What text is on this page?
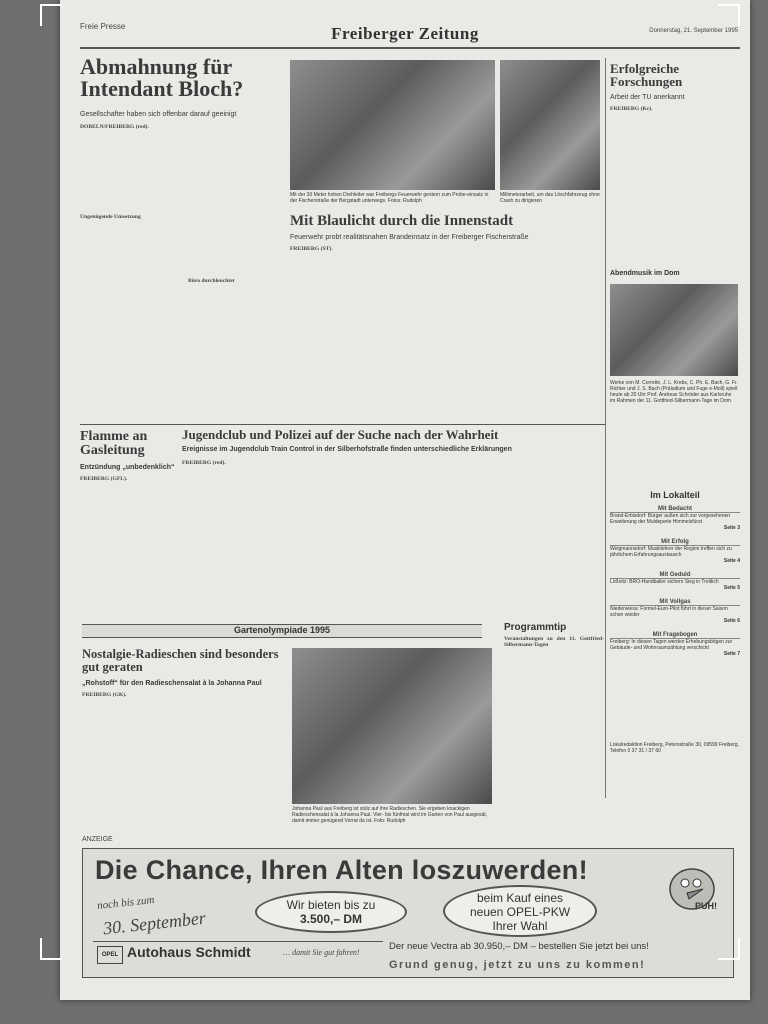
Freie Presse	Freiberger Zeitung	Donnerstag, 21. September 1995
Abmahnung für Intendant Bloch?
Gesellschafter haben sich offenbar darauf geeinigt
DÖBELN/FREIBERG (red).

Ungenügende Umsetzung

Büro durchleuchtet
Mit der 30 Meter hohen Drehleiter war Freibergs Feuerwehr gestern zum Probe-einsatz in der Fischerstraße der Bergstadt unterwegs. Fotos: Rudolph
Millimeterarbeit, um das Löschfahrzeug ohne Crash zu dirigieren
Mit Blaulicht durch die Innenstadt
Feuerwehr probt realitätsnahen Brandeinsatz in der Freiberger Fischerstraße
FREIBERG (ST).
Erfolgreiche Forschungen
Arbeit der TU anerkannt
FREIBERG (Kr).
Abendmusik im Dom
Werke von M. Corrette, J. L. Krebs, C. Ph. E. Bach, G. Fr. Richter und J. S. Bach (Präludium und Fuge e-Moll) spielt heute ab 20 Uhr Prof. Andreas Schröder aus Karlsruhe im Rahmen der 11. Gottfried-Silbermann-Tage im Dom.
Flamme an Gasleitung
Entzündung „unbedenklich“
FREIBERG (GFL).
Jugendclub und Polizei auf der Suche nach der Wahrheit
Ereignisse im Jugendclub Train Control in der Silberhofstraße finden unterschiedliche Erklärungen
FREIBERG (red).
Gartenolympiade 1995
Nostalgie-Radieschen sind besonders gut geraten
„Rohstoff“ für den Radieschensalat à la Johanna Paul
FREIBERG (GK).
Johanna Paul aus Freiberg ist stolz auf ihre Radieschen. Sie ergeben knackigen Radieschensalat à la Johanna Paul. Vier- bis fünfmal wird im Garten von Paul ausgesät, damit immer genügend Vorrat da ist. Foto: Rudolph
Programmtip
Veranstaltungen zu den 11. Gottfried-Silbermann-Tagen
Im Lokalteil
Mit Bedacht
Brand-Erbisdorf: Bürger außen sich zur vorgesehenen Erweiterung der Muldeperie Himmelsfürst
Seite 3
Mit Erfolg
Weigmannsdorf: Musiklehrer der Region treffen sich zu jährlichem Erfahrungsaustausch
Seite 4
Mit Geduld
Lößnitz: BRO-Handballer sichern Sieg in Treitlich
Seite 5
Mit Vollgas
Niederwiesa: Formel-Euro-Pilot führt in dieser Saison schon wieder
Seite 6
Mit Fragebogen
Freiberg: In diesen Tagen werden Erhebungsbögen zur Gebäude- und Wohnraumzählung verschickt
Seite 7
Lokalredaktion Freiberg, Petersstraße 30, 09599 Freiberg, Telefon 0 37 31 / 37 60
ANZEIGE
Die Chance, Ihren Alten loszuwerden!
noch bis zum
30. September
Wir bieten bis zu
3.500,– DM
beim Kauf eines
neuen OPEL-PKW
Ihrer Wahl
PUH!
OPEL Autohaus Schmidt	… damit Sie gut fahren!
Der neue Vectra ab 30.950,– DM – bestellen Sie jetzt bei uns!
Grund genug, jetzt zu uns zu kommen!
